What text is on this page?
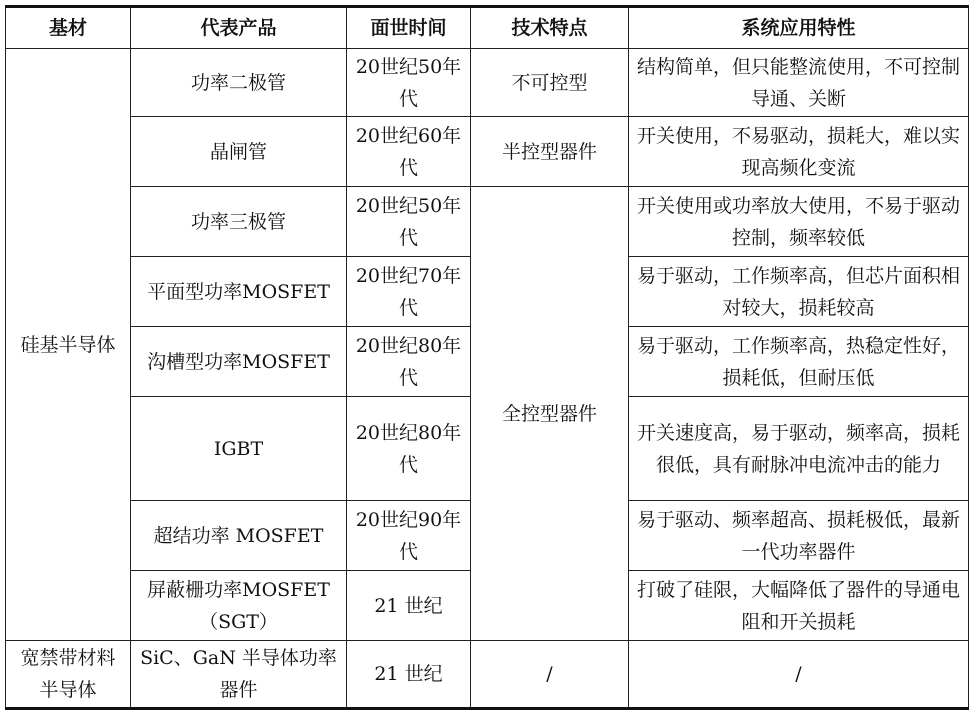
基材	代表产品	面世时间	技术特点	系统应用特性
硅基半导体	功率二极管	20世纪50年代	不可控型	结构简单，但只能整流使用，不可控制导通、关断
	晶闸管	20世纪60年代	半控型器件	开关使用，不易驱动，损耗大，难以实现高频化变流
	功率三极管	20世纪50年代	全控型器件	开关使用或功率放大使用，不易于驱动控制，频率较低
	平面型功率MOSFET	20世纪70年代		易于驱动，工作频率高，但芯片面积相对较大，损耗较高
	沟槽型功率MOSFET	20世纪80年代		易于驱动，工作频率高，热稳定性好，损耗低，但耐压低
	IGBT	20世纪80年代		开关速度高，易于驱动，频率高，损耗很低，具有耐脉冲电流冲击的能力
	超结功率 MOSFET	20世纪90年代		易于驱动、频率超高、损耗极低，最新一代功率器件
	屏蔽栅功率MOSFET（SGT）	21 世纪		打破了硅限，大幅降低了器件的导通电阻和开关损耗
宽禁带材料半导体	SiC、GaN 半导体功率器件	21 世纪	/	/
